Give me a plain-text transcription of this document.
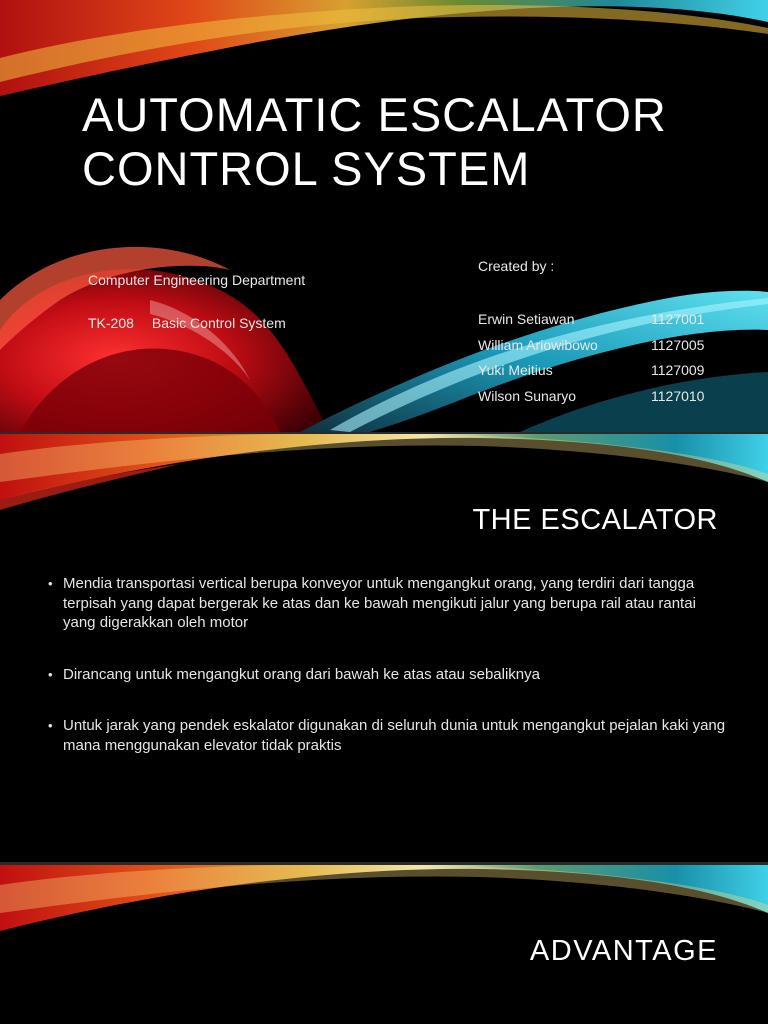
AUTOMATIC ESCALATOR CONTROL SYSTEM
Computer Engineering Department
TK-208 Basic Control System
Created by :
Erwin Setiawan	1127001
William Ariowibowo	1127005
Yuki Meitius	1127009
Wilson Sunaryo	1127010
THE ESCALATOR
• Mendia transportasi vertical berupa konveyor untuk mengangkut orang, yang terdiri dari tangga terpisah yang dapat bergerak ke atas dan ke bawah mengikuti jalur yang berupa rail atau rantai yang digerakkan oleh motor
• Dirancang untuk mengangkut orang dari bawah ke atas atau sebaliknya
• Untuk jarak yang pendek eskalator digunakan di seluruh dunia untuk mengangkut pejalan kaki yang mana menggunakan elevator tidak praktis
ADVANTAGE
